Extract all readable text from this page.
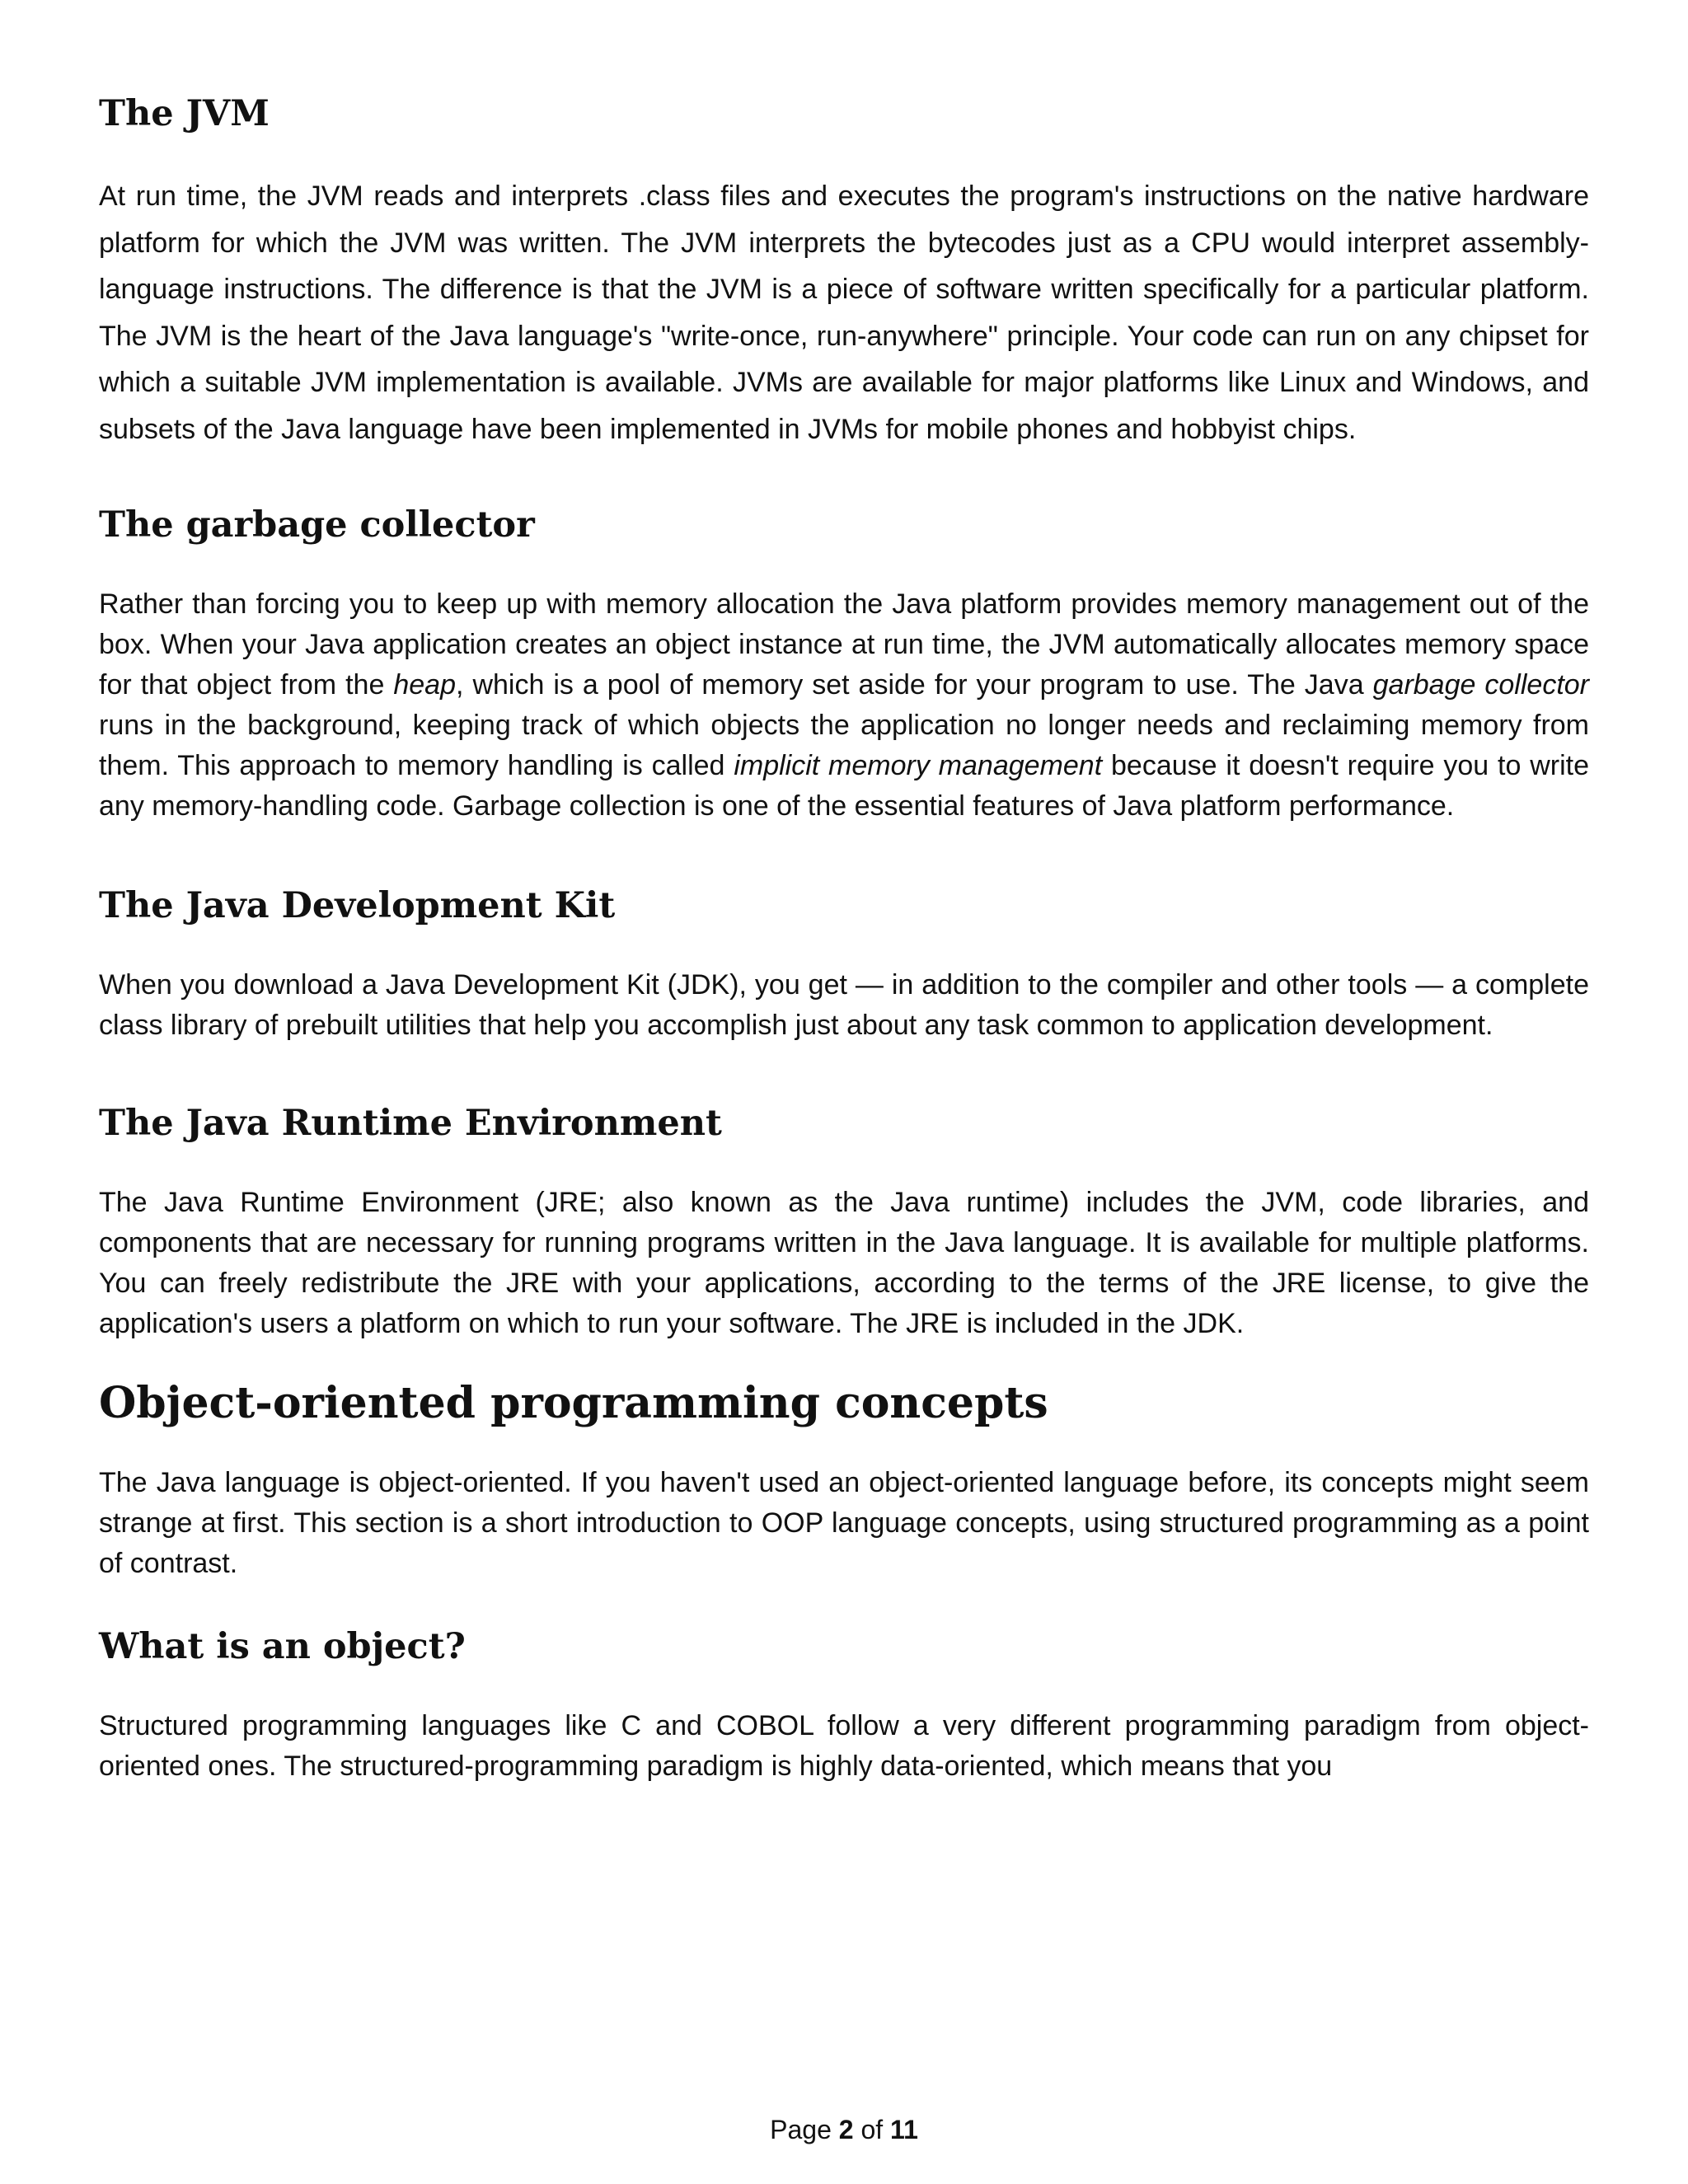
The JVM

At run time, the JVM reads and interprets .class files and executes the program's instructions on the native hardware platform for which the JVM was written. The JVM interprets the bytecodes just as a CPU would interpret assembly-language instructions. The difference is that the JVM is a piece of software written specifically for a particular platform. The JVM is the heart of the Java language's "write-once, run-anywhere" principle. Your code can run on any chipset for which a suitable JVM implementation is available. JVMs are available for major platforms like Linux and Windows, and subsets of the Java language have been implemented in JVMs for mobile phones and hobbyist chips.

The garbage collector

Rather than forcing you to keep up with memory allocation the Java platform provides memory management out of the box. When your Java application creates an object instance at run time, the JVM automatically allocates memory space for that object from the heap, which is a pool of memory set aside for your program to use. The Java garbage collector runs in the background, keeping track of which objects the application no longer needs and reclaiming memory from them. This approach to memory handling is called implicit memory management because it doesn't require you to write any memory-handling code. Garbage collection is one of the essential features of Java platform performance.

The Java Development Kit

When you download a Java Development Kit (JDK), you get — in addition to the compiler and other tools — a complete class library of prebuilt utilities that help you accomplish just about any task common to application development.

The Java Runtime Environment

The Java Runtime Environment (JRE; also known as the Java runtime) includes the JVM, code libraries, and components that are necessary for running programs written in the Java language. It is available for multiple platforms. You can freely redistribute the JRE with your applications, according to the terms of the JRE license, to give the application's users a platform on which to run your software. The JRE is included in the JDK.

Object-oriented programming concepts

The Java language is object-oriented. If you haven't used an object-oriented language before, its concepts might seem strange at first. This section is a short introduction to OOP language concepts, using structured programming as a point of contrast.

What is an object?

Structured programming languages like C and COBOL follow a very different programming paradigm from object-oriented ones. The structured-programming paradigm is highly data-oriented, which means that you

Page 2 of 11
